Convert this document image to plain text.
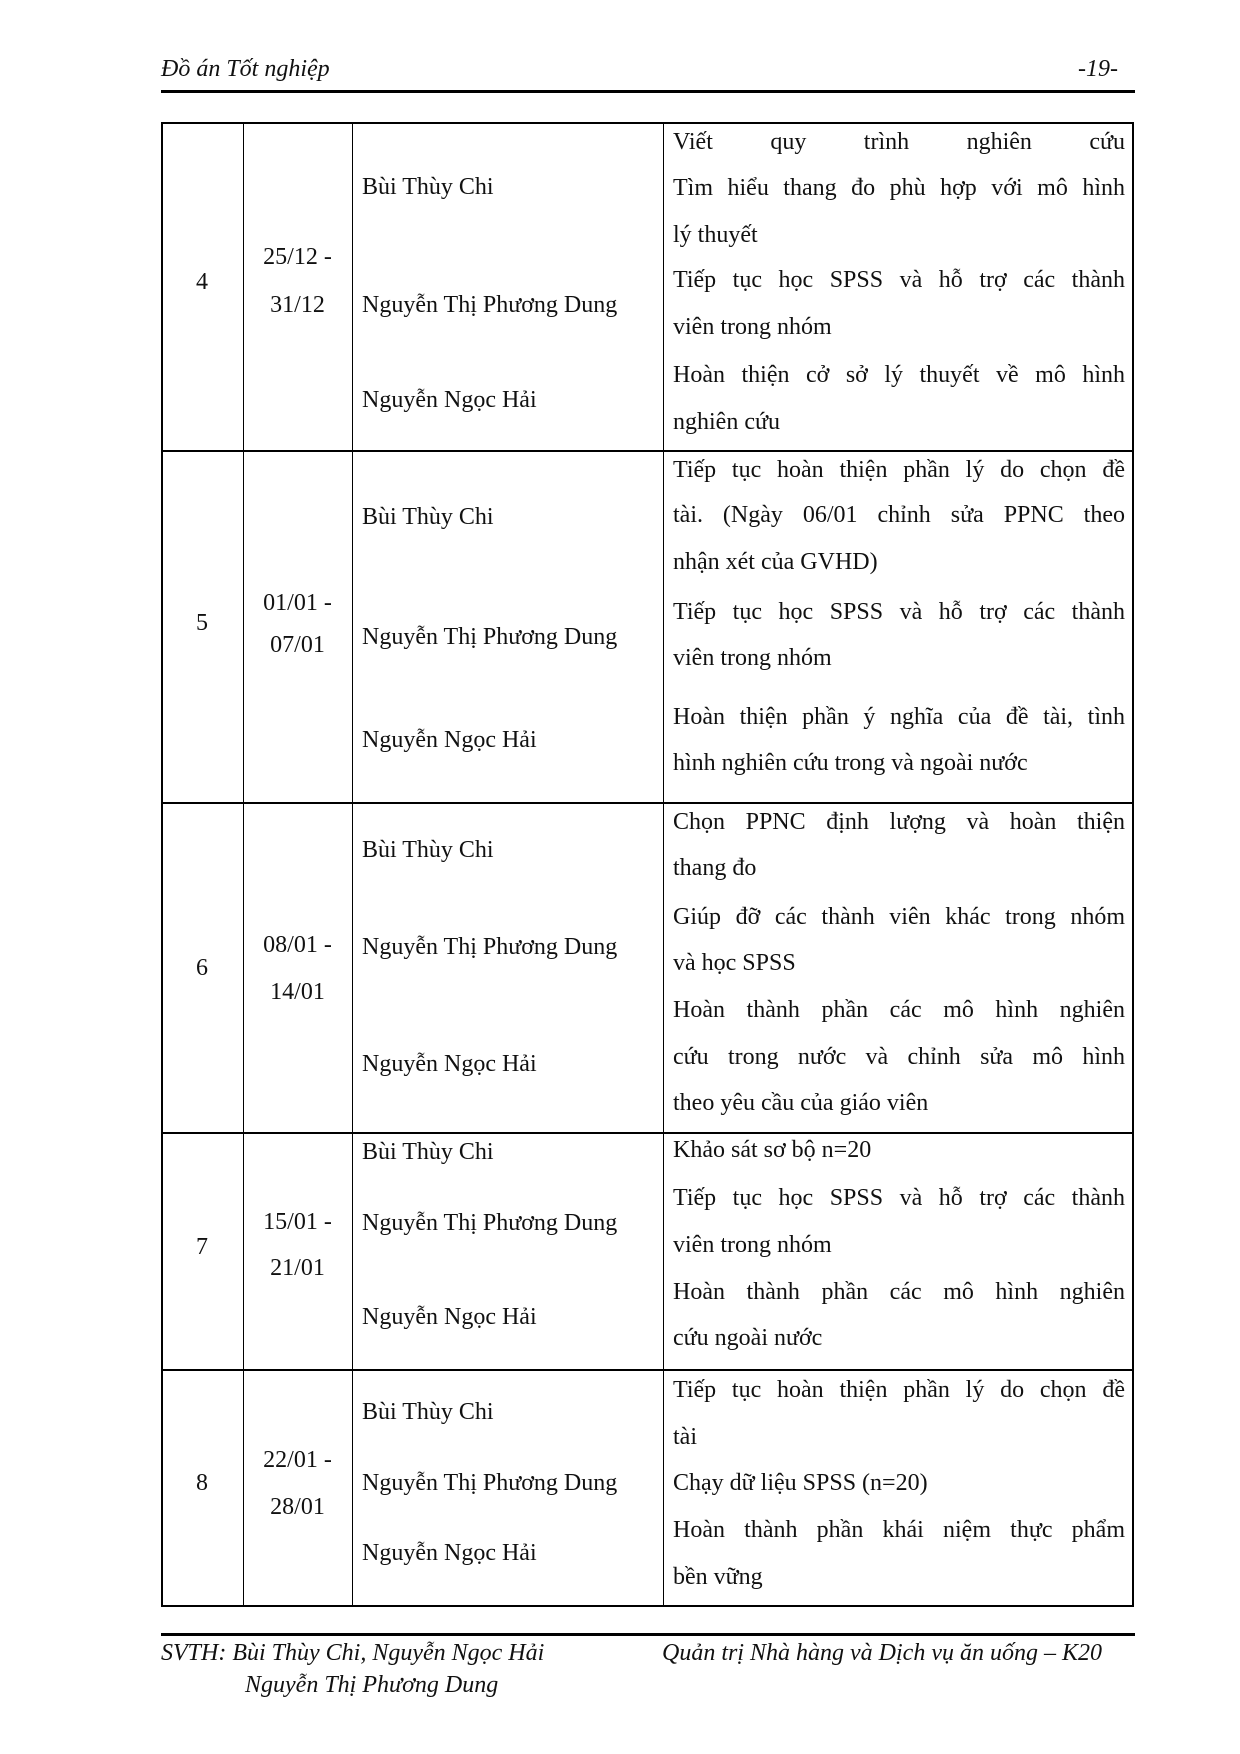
Đồ án Tốt nghiệp	-19-
4
25/12 -
31/12
Bùi Thùy Chi
Nguyễn Thị Phương Dung
Nguyễn Ngọc Hải
Viết quy trình nghiên cứu
Tìm hiểu thang đo phù hợp với mô hình
lý thuyết
Tiếp tục học SPSS và hỗ trợ các thành
viên trong nhóm
Hoàn thiện cở sở lý thuyết về mô hình
nghiên cứu
5
01/01 -
07/01
Bùi Thùy Chi
Nguyễn Thị Phương Dung
Nguyễn Ngọc Hải
Tiếp tục hoàn thiện phần lý do chọn đề
tài. (Ngày 06/01 chỉnh sửa PPNC theo
nhận xét của GVHD)
Tiếp tục học SPSS và hỗ trợ các thành
viên trong nhóm
Hoàn thiện phần ý nghĩa của đề tài, tình
hình nghiên cứu trong và ngoài nước
6
08/01 -
14/01
Bùi Thùy Chi
Nguyễn Thị Phương Dung
Nguyễn Ngọc Hải
Chọn PPNC định lượng và hoàn thiện
thang đo
Giúp đỡ các thành viên khác trong nhóm
và học SPSS
Hoàn thành phần các mô hình nghiên
cứu trong nước và chỉnh sửa mô hình
theo yêu cầu của giáo viên
7
15/01 -
21/01
Bùi Thùy Chi
Nguyễn Thị Phương Dung
Nguyễn Ngọc Hải
Khảo sát sơ bộ n=20
Tiếp tục học SPSS và hỗ trợ các thành
viên trong nhóm
Hoàn thành phần các mô hình nghiên
cứu ngoài nước
8
22/01 -
28/01
Bùi Thùy Chi
Nguyễn Thị Phương Dung
Nguyễn Ngọc Hải
Tiếp tục hoàn thiện phần lý do chọn đề
tài
Chạy dữ liệu SPSS (n=20)
Hoàn thành phần khái niệm thực phẩm
bền vững
SVTH: Bùi Thùy Chi, Nguyễn Ngọc Hải
Nguyễn Thị Phương Dung
Quản trị Nhà hàng và Dịch vụ ăn uống – K20
